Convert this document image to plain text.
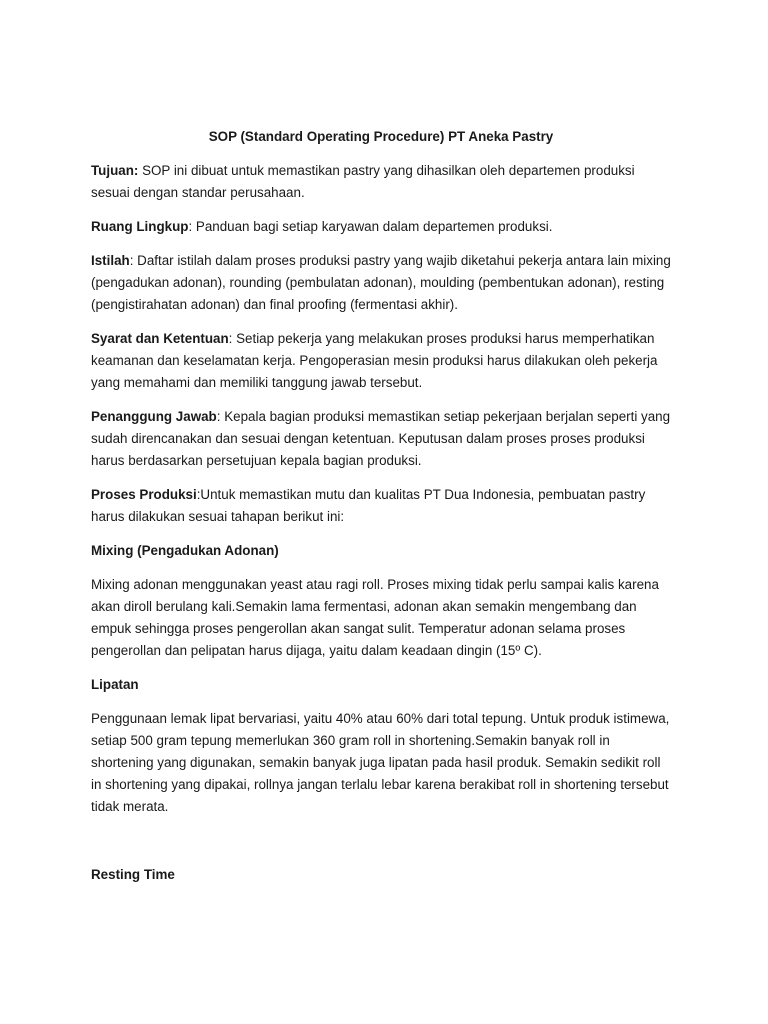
SOP (Standard Operating Procedure) PT Aneka Pastry

Tujuan: SOP ini dibuat untuk memastikan pastry yang dihasilkan oleh departemen produksi sesuai dengan standar perusahaan.

Ruang Lingkup: Panduan bagi setiap karyawan dalam departemen produksi.

Istilah: Daftar istilah dalam proses produksi pastry yang wajib diketahui pekerja antara lain mixing (pengadukan adonan), rounding (pembulatan adonan), moulding (pembentukan adonan), resting (pengistirahatan adonan) dan final proofing (fermentasi akhir).

Syarat dan Ketentuan: Setiap pekerja yang melakukan proses produksi harus memperhatikan keamanan dan keselamatan kerja. Pengoperasian mesin produksi harus dilakukan oleh pekerja yang memahami dan memiliki tanggung jawab tersebut.

Penanggung Jawab: Kepala bagian produksi memastikan setiap pekerjaan berjalan seperti yang sudah direncanakan dan sesuai dengan ketentuan. Keputusan dalam proses proses produksi harus berdasarkan persetujuan kepala bagian produksi.

Proses Produksi:Untuk memastikan mutu dan kualitas PT Dua Indonesia, pembuatan pastry harus dilakukan sesuai tahapan berikut ini:

Mixing (Pengadukan Adonan)

Mixing adonan menggunakan yeast atau ragi roll. Proses mixing tidak perlu sampai kalis karena akan diroll berulang kali.Semakin lama fermentasi, adonan akan semakin mengembang dan empuk sehingga proses pengerollan akan sangat sulit. Temperatur adonan selama proses pengerollan dan pelipatan harus dijaga, yaitu dalam keadaan dingin (15º C).

Lipatan

Penggunaan lemak lipat bervariasi, yaitu 40% atau 60% dari total tepung. Untuk produk istimewa, setiap 500 gram tepung memerlukan 360 gram roll in shortening.Semakin banyak roll in shortening yang digunakan, semakin banyak juga lipatan pada hasil produk. Semakin sedikit roll in shortening yang dipakai, rollnya jangan terlalu lebar karena berakibat roll in shortening tersebut tidak merata.

Resting Time
